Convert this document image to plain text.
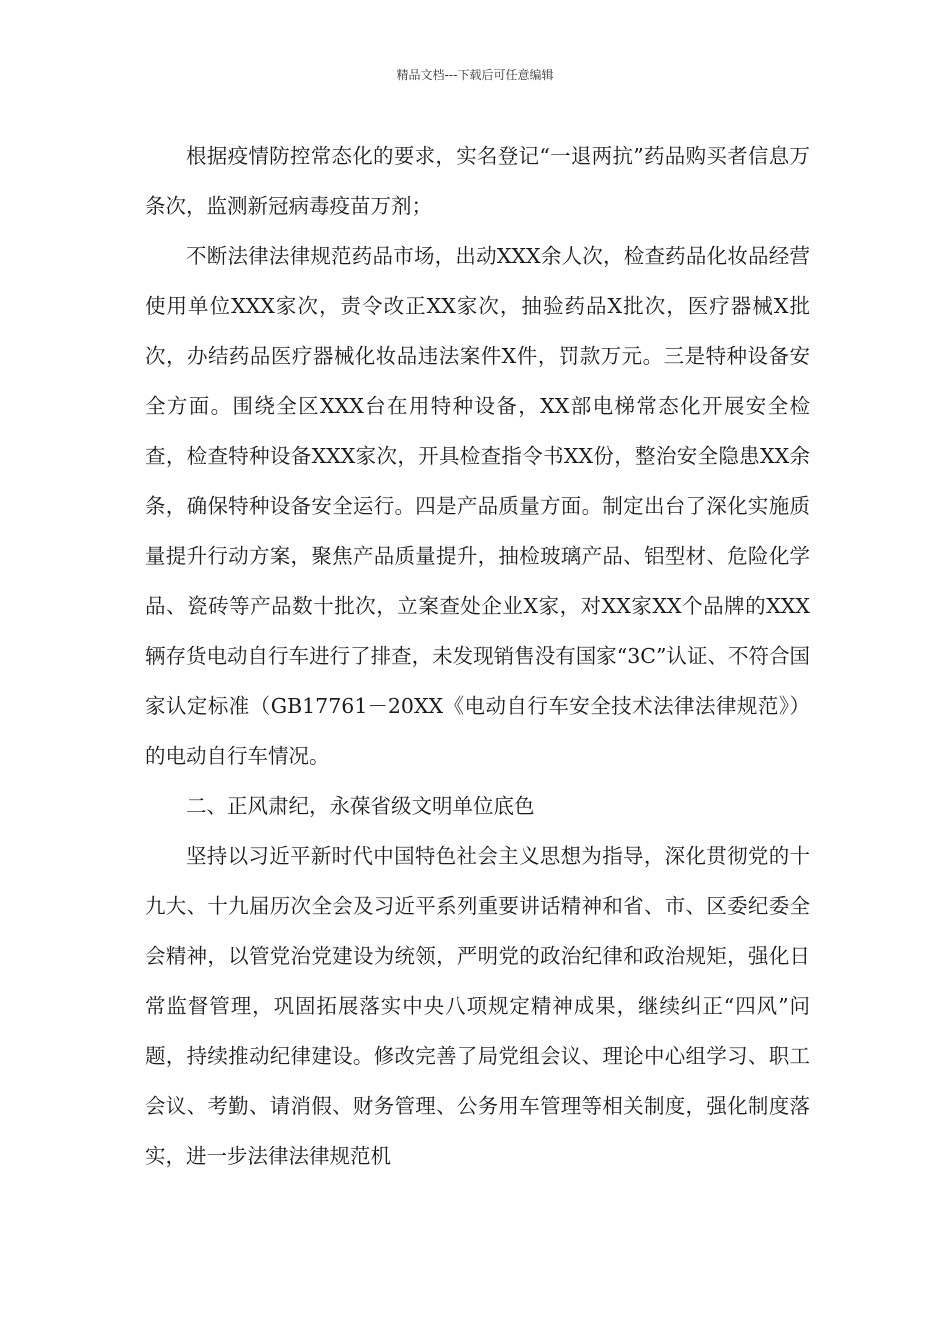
精品文档---下载后可任意编辑

根据疫情防控常态化的要求，实名登记“一退两抗”药品购买者信息万条次，监测新冠病毒疫苗万剂；

不断法律法律规范药品市场，出动XXX余人次，检查药品化妆品经营使用单位XXX家次，责令改正XX家次，抽验药品X批次，医疗器械X批次，办结药品医疗器械化妆品违法案件X件，罚款万元。三是特种设备安全方面。围绕全区XXX台在用特种设备，XX部电梯常态化开展安全检查，检查特种设备XXX家次，开具检查指令书XX份，整治安全隐患XX余条，确保特种设备安全运行。四是产品质量方面。制定出台了深化实施质量提升行动方案，聚焦产品质量提升，抽检玻璃产品、铝型材、危险化学品、瓷砖等产品数十批次，立案查处企业X家，对XX家XX个品牌的XXX辆存货电动自行车进行了排查，未发现销售没有国家“3C”认证、不符合国家认定标准（GB17761－20XX《电动自行车安全技术法律法律规范》）的电动自行车情况。

二、正风肃纪，永葆省级文明单位底色

坚持以习近平新时代中国特色社会主义思想为指导，深化贯彻党的十九大、十九届历次全会及习近平系列重要讲话精神和省、市、区委纪委全会精神，以管党治党建设为统领，严明党的政治纪律和政治规矩，强化日常监督管理，巩固拓展落实中央八项规定精神成果，继续纠正“四风”问题，持续推动纪律建设。修改完善了局党组会议、理论中心组学习、职工会议、考勤、请消假、财务管理、公务用车管理等相关制度，强化制度落实，进一步法律法律规范机
